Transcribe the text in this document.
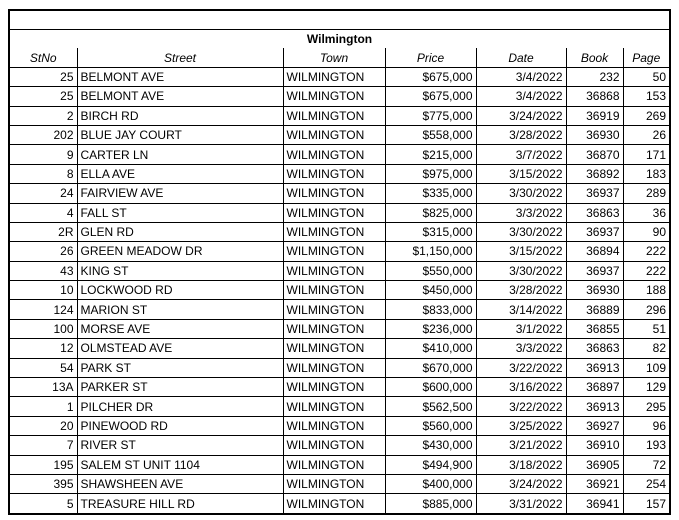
Wilmington						
StNo	Street	Town	Price	Date	Book	Page
25	BELMONT AVE	WILMINGTON	$675,000	3/4/2022	232	50
25	BELMONT AVE	WILMINGTON	$675,000	3/4/2022	36868	153
2	BIRCH RD	WILMINGTON	$775,000	3/24/2022	36919	269
202	BLUE JAY COURT	WILMINGTON	$558,000	3/28/2022	36930	26
9	CARTER LN	WILMINGTON	$215,000	3/7/2022	36870	171
8	ELLA AVE	WILMINGTON	$975,000	3/15/2022	36892	183
24	FAIRVIEW AVE	WILMINGTON	$335,000	3/30/2022	36937	289
4	FALL ST	WILMINGTON	$825,000	3/3/2022	36863	36
2R	GLEN RD	WILMINGTON	$315,000	3/30/2022	36937	90
26	GREEN MEADOW DR	WILMINGTON	$1,150,000	3/15/2022	36894	222
43	KING ST	WILMINGTON	$550,000	3/30/2022	36937	222
10	LOCKWOOD RD	WILMINGTON	$450,000	3/28/2022	36930	188
124	MARION ST	WILMINGTON	$833,000	3/14/2022	36889	296
100	MORSE AVE	WILMINGTON	$236,000	3/1/2022	36855	51
12	OLMSTEAD AVE	WILMINGTON	$410,000	3/3/2022	36863	82
54	PARK ST	WILMINGTON	$670,000	3/22/2022	36913	109
13A	PARKER ST	WILMINGTON	$600,000	3/16/2022	36897	129
1	PILCHER DR	WILMINGTON	$562,500	3/22/2022	36913	295
20	PINEWOOD RD	WILMINGTON	$560,000	3/25/2022	36927	96
7	RIVER ST	WILMINGTON	$430,000	3/21/2022	36910	193
195	SALEM ST UNIT 1104	WILMINGTON	$494,900	3/18/2022	36905	72
395	SHAWSHEEN AVE	WILMINGTON	$400,000	3/24/2022	36921	254
5	TREASURE HILL RD	WILMINGTON	$885,000	3/31/2022	36941	157
